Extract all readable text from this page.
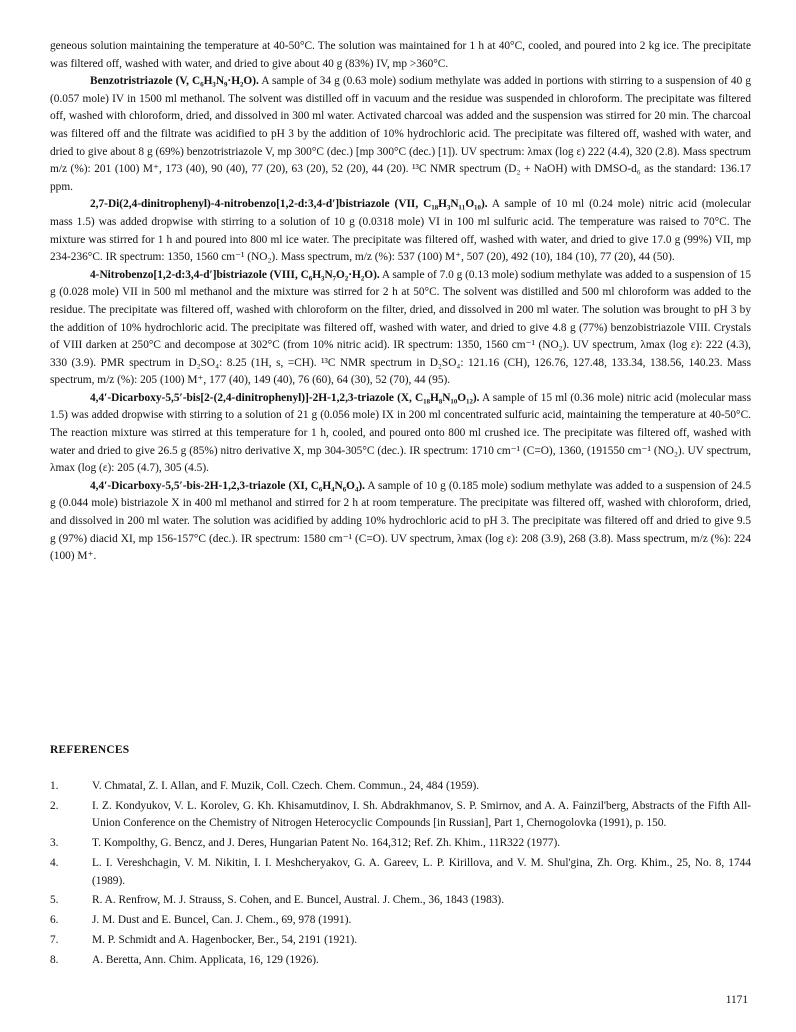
geneous solution maintaining the temperature at 40-50°C. The solution was maintained for 1 h at 40°C, cooled, and poured into 2 kg ice. The precipitate was filtered off, washed with water, and dried to give about 40 g (83%) IV, mp >360°C.

Benzotristriazole (V, C₆H₃N₉·H₂O). A sample of 34 g (0.63 mole) sodium methylate was added in portions with stirring to a suspension of 40 g (0.057 mole) IV in 1500 ml methanol. The solvent was distilled off in vacuum and the residue was suspended in chloroform. The precipitate was filtered off, washed with chloroform, dried, and dissolved in 300 ml water. Activated charcoal was added and the suspension was stirred for 20 min. The charcoal was filtered off and the filtrate was acidified to pH 3 by the addition of 10% hydrochloric acid. The precipitate was filtered off, washed with water, and dried to give about 8 g (69%) benzotristriazole V, mp 300°C (dec.) [mp 300°C (dec.) [1]). UV spectrum: λmax (log ε) 222 (4.4), 320 (2.8). Mass spectrum m/z (%): 201 (100) M⁺, 173 (40), 90 (40), 77 (20), 63 (20), 52 (20), 44 (20). ¹³C NMR spectrum (D₂ + NaOH) with DMSO-d₆ as the standard: 136.17 ppm.

2,7-Di(2,4-dinitrophenyl)-4-nitrobenzo[1,2-d:3,4-d′]bistriazole (VII, C₁₈H₃N₁₁O₁₀). A sample of 10 ml (0.24 mole) nitric acid (molecular mass 1.5) was added dropwise with stirring to a solution of 10 g (0.0318 mole) VI in 100 ml sulfuric acid. The temperature was raised to 70°C. The mixture was stirred for 1 h and poured into 800 ml ice water. The precipitate was filtered off, washed with water, and dried to give 17.0 g (99%) VII, mp 234-236°C. IR spectrum: 1350, 1560 cm⁻¹ (NO₂). Mass spectrum, m/z (%): 537 (100) M⁺, 507 (20), 492 (10), 184 (10), 77 (20), 44 (50).

4-Nitrobenzo[1,2-d:3,4-d′]bistriazole (VIII, C₆H₃N₇O₂·H₂O). A sample of 7.0 g (0.13 mole) sodium methylate was added to a suspension of 15 g (0.028 mole) VII in 500 ml methanol and the mixture was stirred for 2 h at 50°C. The solvent was distilled and 500 ml chloroform was added to the residue. The precipitate was filtered off, washed with chloroform on the filter, dried, and dissolved in 200 ml water. The solution was brought to pH 3 by the addition of 10% hydrochloric acid. The precipitate was filtered off, washed with water, and dried to give 4.8 g (77%) benzobistriazole VIII. Crystals of VIII darken at 250°C and decompose at 302°C (from 10% nitric acid). IR spectrum: 1350, 1560 cm⁻¹ (NO₂). UV spectrum, λmax (log ε): 222 (4.3), 330 (3.9). PMR spectrum in D₂SO₄: 8.25 (1H, s, =CH). ¹³C NMR spectrum in D₂SO₄: 121.16 (CH), 126.76, 127.48, 133.34, 138.56, 140.23. Mass spectrum, m/z (%): 205 (100) M⁺, 177 (40), 149 (40), 76 (60), 64 (30), 52 (70), 44 (95).

4,4′-Dicarboxy-5,5′-bis[2-(2,4-dinitrophenyl)]-2H-1,2,3-triazole (X, C₁₈H₈N₁₀O₁₂). A sample of 15 ml (0.36 mole) nitric acid (molecular mass 1.5) was added dropwise with stirring to a solution of 21 g (0.056 mole) IX in 200 ml concentrated sulfuric acid, maintaining the temperature at 40-50°C. The reaction mixture was stirred at this temperature for 1 h, cooled, and poured onto 800 ml crushed ice. The precipitate was filtered off, washed with water and dried to give 26.5 g (85%) nitro derivative X, mp 304-305°C (dec.). IR spectrum: 1710 cm⁻¹ (C=O), 1360, (191550 cm⁻¹ (NO₂). UV spectrum, λmax (log (ε): 205 (4.7), 305 (4.5).

4,4′-Dicarboxy-5,5′-bis-2H-1,2,3-triazole (XI, C₆H₄N₆O₄). A sample of 10 g (0.185 mole) sodium methylate was added to a suspension of 24.5 g (0.044 mole) bistriazole X in 400 ml methanol and stirred for 2 h at room temperature. The precipitate was filtered off, washed with chloroform, dried, and dissolved in 200 ml water. The solution was acidified by adding 10% hydrochloric acid to pH 3. The precipitate was filtered off and dried to give 9.5 g (97%) diacid XI, mp 156-157°C (dec.). IR spectrum: 1580 cm⁻¹ (C=O). UV spectrum, λmax (log ε): 208 (3.9), 268 (3.8). Mass spectrum, m/z (%): 224 (100) M⁺.

REFERENCES
1.	V. Chmatal, Z. I. Allan, and F. Muzik, Coll. Czech. Chem. Commun., 24, 484 (1959).
2.	I. Z. Kondyukov, V. L. Korolev, G. Kh. Khisamutdinov, I. Sh. Abdrakhmanov, S. P. Smirnov, and A. A. Fainzil'berg, Abstracts of the Fifth All-Union Conference on the Chemistry of Nitrogen Heterocyclic Compounds [in Russian], Part 1, Chernogolovka (1991), p. 150.
3.	T. Kompolthy, G. Bencz, and J. Deres, Hungarian Patent No. 164,312; Ref. Zh. Khim., 11R322 (1977).
4.	L. I. Vereshchagin, V. M. Nikitin, I. I. Meshcheryakov, G. A. Gareev, L. P. Kirillova, and V. M. Shul'gina, Zh. Org. Khim., 25, No. 8, 1744 (1989).
5.	R. A. Renfrow, M. J. Strauss, S. Cohen, and E. Buncel, Austral. J. Chem., 36, 1843 (1983).
6.	J. M. Dust and E. Buncel, Can. J. Chem., 69, 978 (1991).
7.	M. P. Schmidt and A. Hagenbocker, Ber., 54, 2191 (1921).
8.	A. Beretta, Ann. Chim. Applicata, 16, 129 (1926).
1171
